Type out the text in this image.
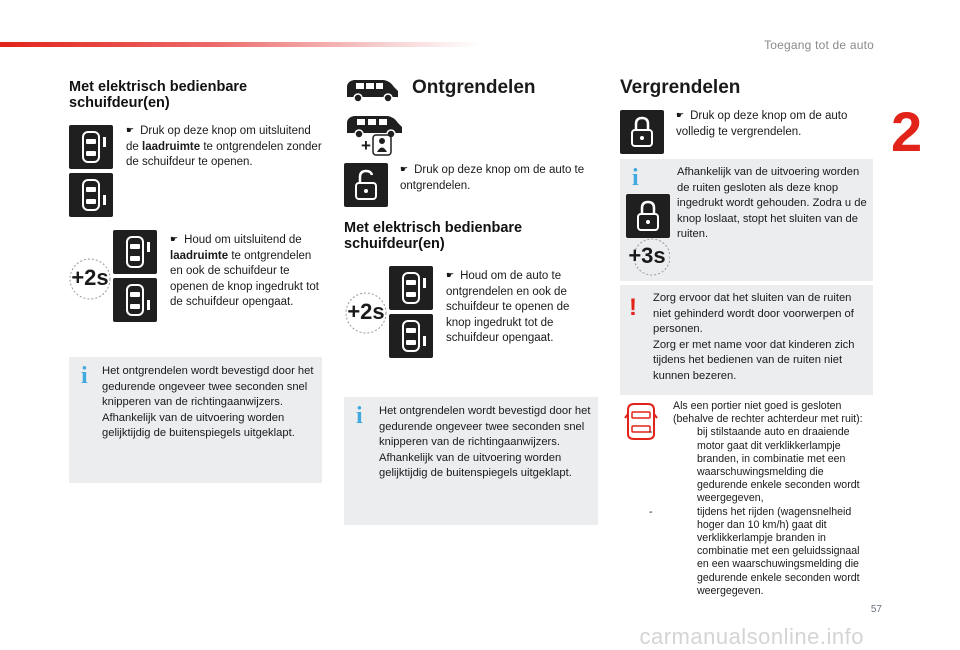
Toegang tot de auto
2
Met elektrisch bedienbare schuifdeur(en)
☛ Druk op deze knop om uitsluitend de laadruimte te ontgrendelen zonder de schuifdeur te openen.
+2s
☛ Houd om uitsluitend de laadruimte te ontgrendelen en ook de schuifdeur te openen de knop ingedrukt tot de schuifdeur opengaat.
i Het ontgrendelen wordt bevestigd door het gedurende ongeveer twee seconden snel knipperen van de richtingaanwijzers.
Afhankelijk van de uitvoering worden gelijktijdig de buitenspiegels uitgeklapt.
Ontgrendelen
+
☛ Druk op deze knop om de auto te ontgrendelen.
Met elektrisch bedienbare schuifdeur(en)
+2s
☛ Houd om de auto te ontgrendelen en ook de schuifdeur te openen de knop ingedrukt tot de schuifdeur opengaat.
i Het ontgrendelen wordt bevestigd door het gedurende ongeveer twee seconden snel knipperen van de richtingaanwijzers.
Afhankelijk van de uitvoering worden gelijktijdig de buitenspiegels uitgeklapt.
Vergrendelen
☛ Druk op deze knop om de auto volledig te vergrendelen.
i	Afhankelijk van de uitvoering worden de ruiten gesloten als deze knop ingedrukt wordt gehouden. Zodra u de knop loslaat, stopt het sluiten van de ruiten.
+3s
! Zorg ervoor dat het sluiten van de ruiten niet gehinderd wordt door voorwerpen of personen.
Zorg er met name voor dat kinderen zich tijdens het bedienen van de ruiten niet kunnen bezeren.
Als een portier niet goed is gesloten (behalve de rechter achterdeur met ruit):
-	bij stilstaande auto en draaiende motor gaat dit verklikkerlampje branden, in combinatie met een waarschuwingsmelding die gedurende enkele seconden wordt weergegeven,
-	tijdens het rijden (wagensnelheid hoger dan 10 km/h) gaat dit verklikkerlampje branden in combinatie met een geluidssignaal en een waarschuwingsmelding die gedurende enkele seconden wordt weergegeven.
57
carmanualsonline.info
